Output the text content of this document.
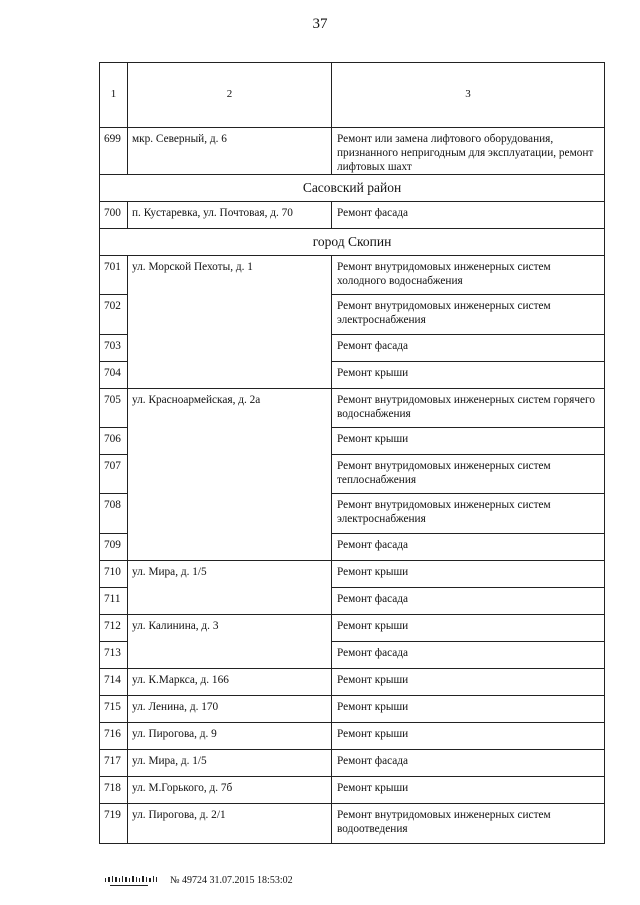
37
1	2	3
699	мкр. Северный, д. 6	Ремонт или замена лифтового оборудования, признанного непригодным для эксплуатации, ремонт лифтовых шахт
Сасовский район		
700	п. Кустаревка, ул. Почтовая, д. 70	Ремонт фасада
город Скопин		
701	ул. Морской Пехоты, д. 1	Ремонт внутридомовых инженерных систем холодного водоснабжения
702		Ремонт внутридомовых инженерных систем электроснабжения
703		Ремонт фасада
704		Ремонт крыши
705	ул. Красноармейская, д. 2а	Ремонт внутридомовых инженерных систем горячего водоснабжения
706		Ремонт крыши
707		Ремонт внутридомовых инженерных систем теплоснабжения
708		Ремонт внутридомовых инженерных систем электроснабжения
709		Ремонт фасада
710	ул. Мира, д. 1/5	Ремонт крыши
711		Ремонт фасада
712	ул. Калинина, д. 3	Ремонт крыши
713		Ремонт фасада
714	ул. К.Маркса, д. 166	Ремонт крыши
715	ул. Ленина, д. 170	Ремонт крыши
716	ул. Пирогова, д. 9	Ремонт крыши
717	ул. Мира, д. 1/5	Ремонт фасада
718	ул. М.Горького, д. 7б	Ремонт крыши
719	ул. Пирогова, д. 2/1	Ремонт внутридомовых инженерных систем водоотведения
№ 49724 31.07.2015 18:53:02
